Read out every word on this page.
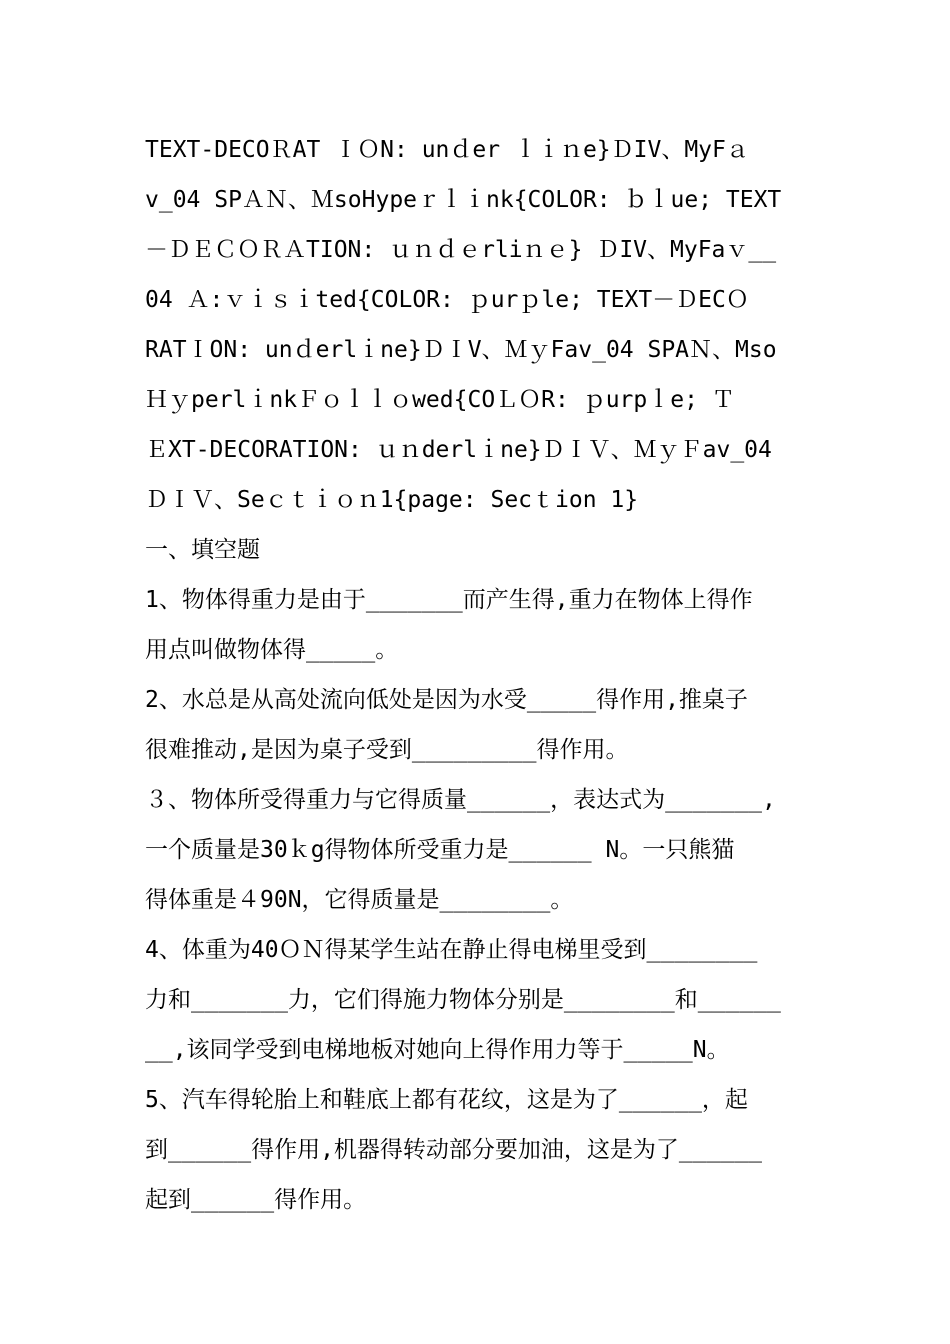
TEXT-DECOＲAT ＩＯN: unｄer ｌｉｎe}ＤIV、MyFａ
v_04 SPＡＮ、ＭsoHypeｒｌｉnk{COLOR: ｂｌue; TEXT
－ＤＥＣＯＲＡTION: ｕｎｄｅrliｎｅ} ＤIV、MyFaｖ__
04 Ａ:ｖｉｓｉted{COLOR: ｐurｐle; TEXT－ＤECＯ
RATＩON: unｄerlｉne}ＤＩV、ＭｙFav_04 SPAＮ、Mso
ＨｙperlｉnkＦｏｌｌｏwed{COＬＯR: ｐurpｌe; Ｔ
ＥXT-DECORATION: ｕｎderlｉne}ＤＩＶ、ＭｙＦav_04
ＤＩＶ、Seｃｔｉｏｎ1{page: Secｔion 1}
一、填空题
1、物体得重力是由于_______而产生得,重力在物体上得作
用点叫做物体得_____。
2、水总是从高处流向低处是因为水受_____得作用,推桌子
很难推动,是因为桌子受到_________得作用。
３、物体所受得重力与它得质量______，表达式为_______,
一个质量是30ｋg得物体所受重力是______ N。一只熊猫
得体重是４90N，它得质量是________。
4、体重为40ＯＮ得某学生站在静止得电梯里受到________
力和_______力，它们得施力物体分别是________和______
__,该同学受到电梯地板对她向上得作用力等于_____N。
5、汽车得轮胎上和鞋底上都有花纹，这是为了______，起
到______得作用,机器得转动部分要加油，这是为了______
起到______得作用。
